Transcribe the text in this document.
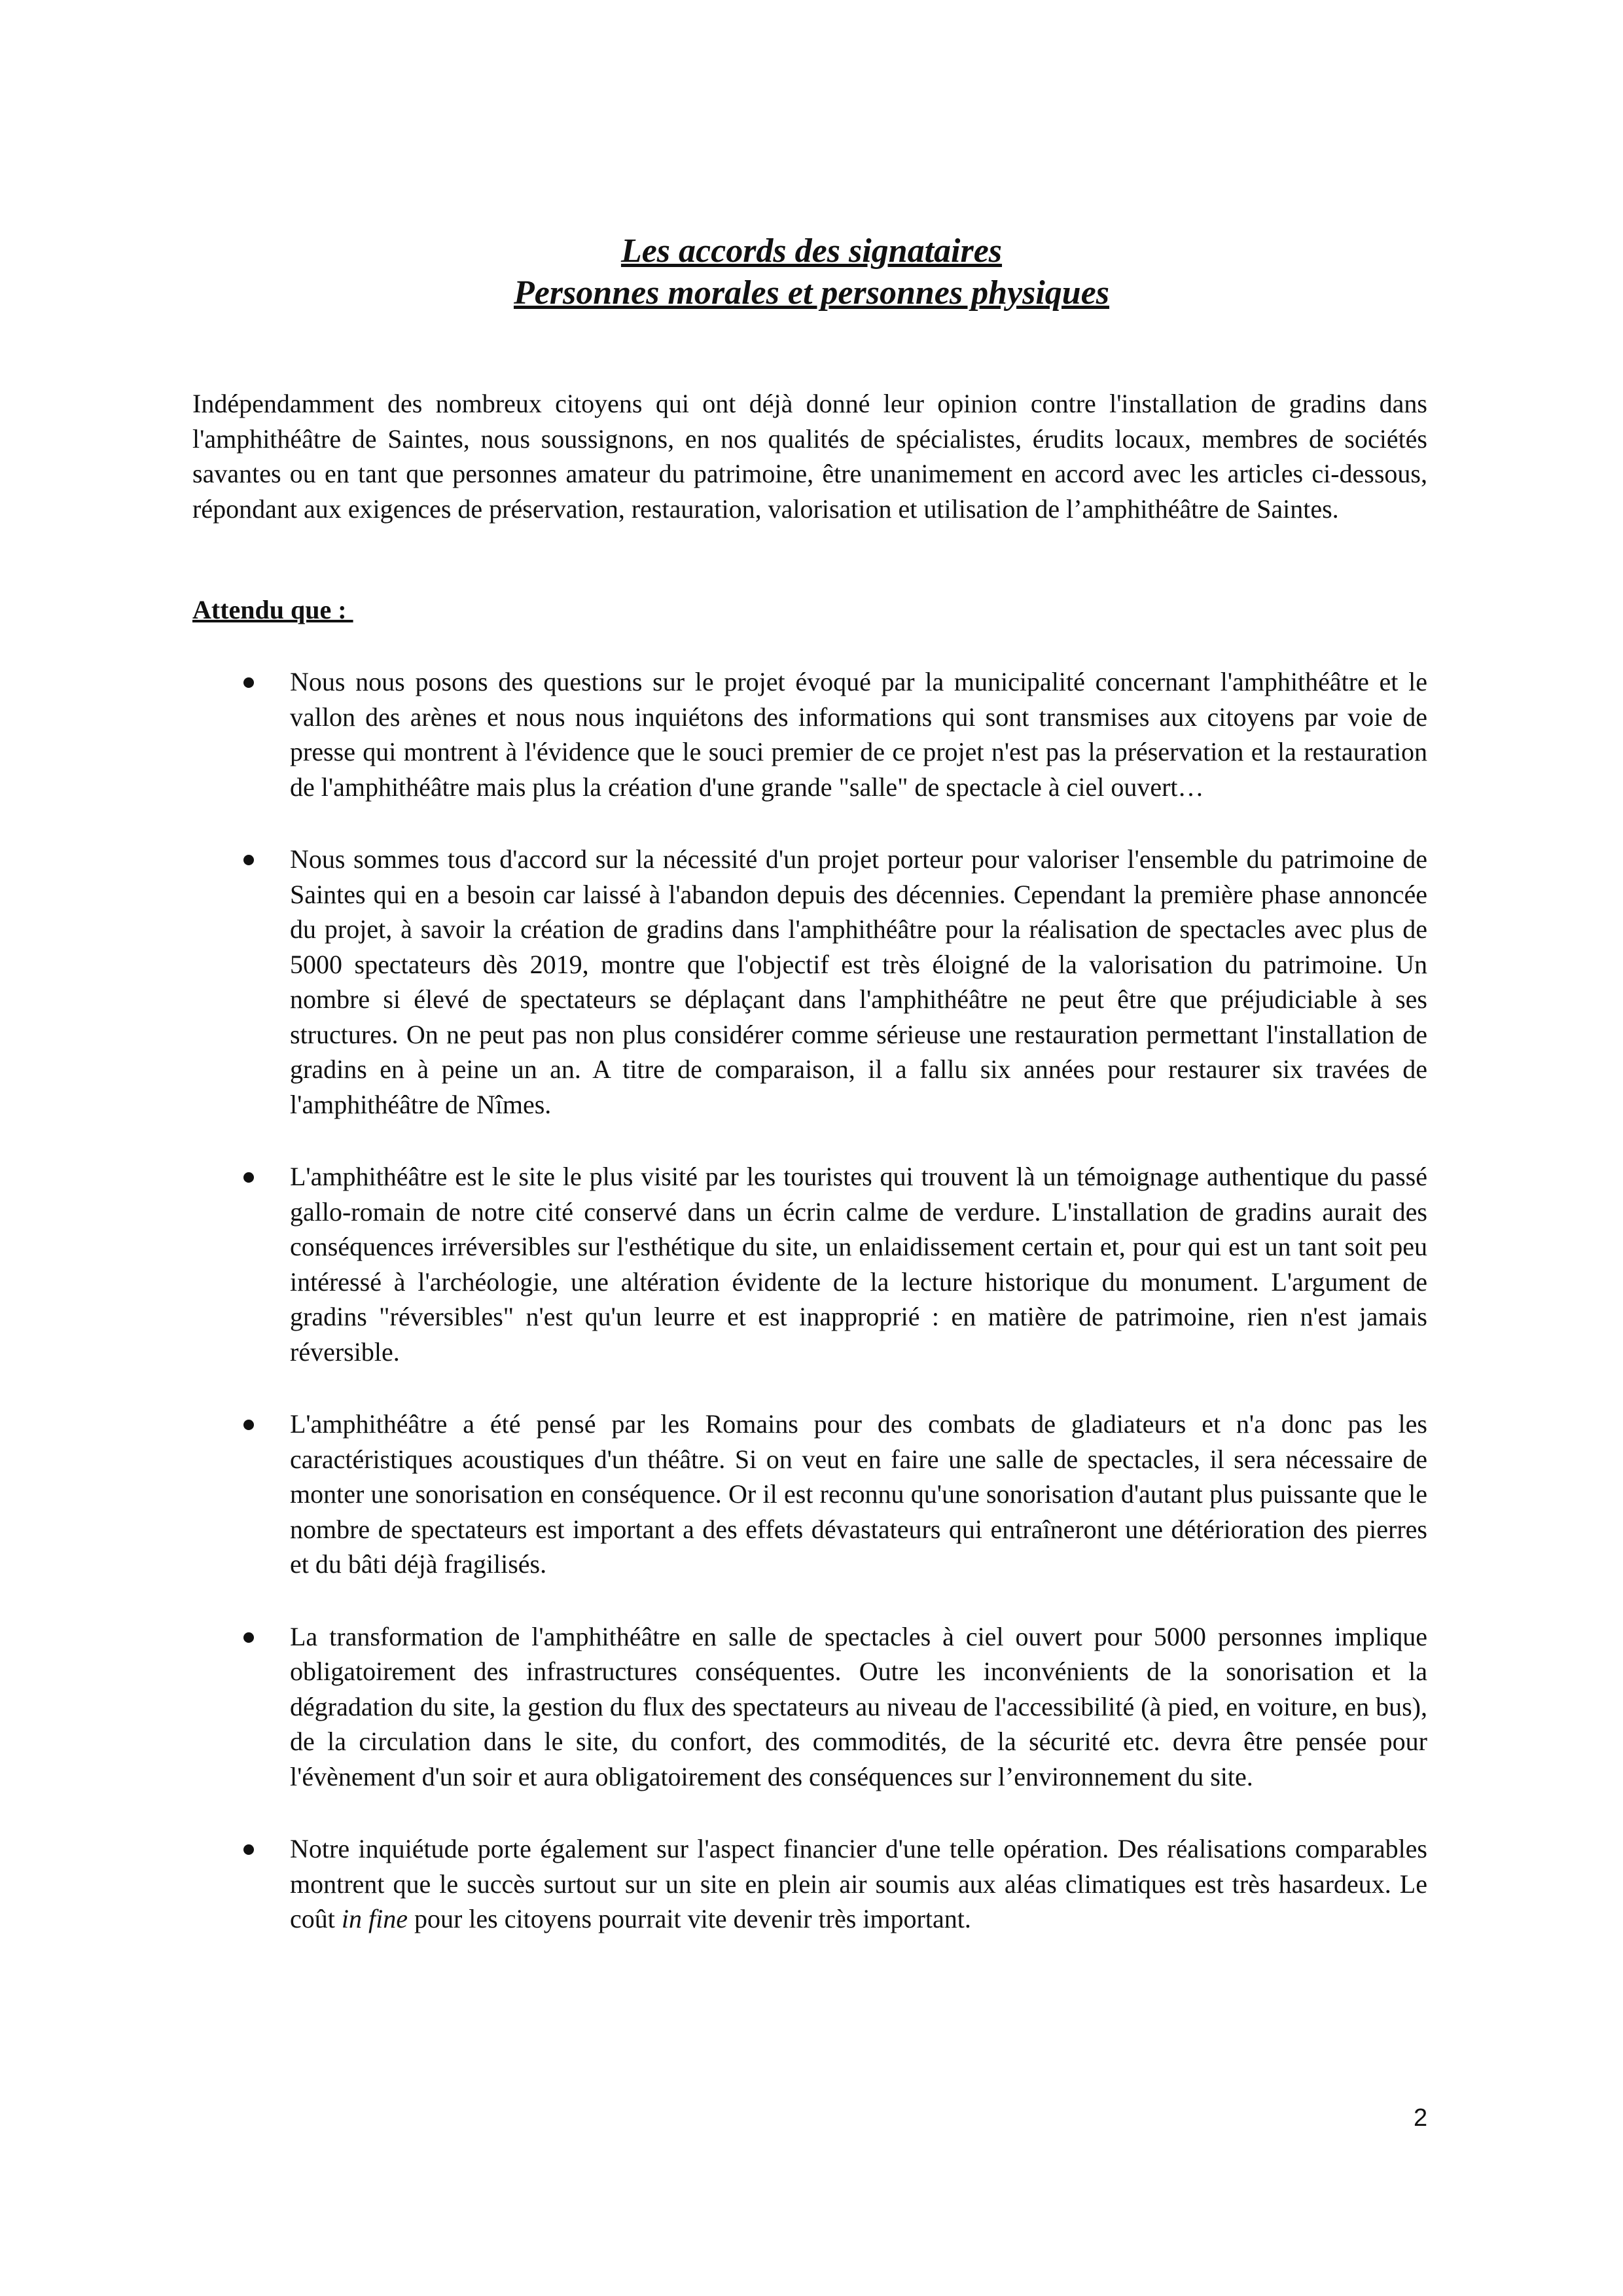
Les accords des signataires

Personnes morales et personnes physiques

Indépendamment des nombreux citoyens qui ont déjà donné leur opinion contre l'installation de gradins dans l'amphithéâtre de Saintes, nous soussignons, en nos qualités de spécialistes, érudits locaux, membres de sociétés savantes ou en tant que personnes amateur du patrimoine, être unanimement en accord avec les articles ci-dessous, répondant aux exigences de préservation, restauration, valorisation et utilisation de l’amphithéâtre de Saintes.

Attendu que :

Nous nous posons des questions sur le projet évoqué par la municipalité concernant l'amphithéâtre et le vallon des arènes et nous nous inquiétons des informations qui sont transmises aux citoyens par voie de presse qui montrent à l'évidence que le souci premier de ce projet n'est pas la préservation et la restauration de l'amphithéâtre mais plus la création d'une grande "salle" de spectacle à ciel ouvert…
Nous sommes tous d'accord sur la nécessité d'un projet porteur pour valoriser l'ensemble du patrimoine de Saintes qui en a besoin car laissé à l'abandon depuis des décennies. Cependant la première phase annoncée du projet, à savoir la création de gradins dans l'amphithéâtre pour la réalisation de spectacles avec plus de 5000 spectateurs dès 2019, montre que l'objectif est très éloigné de la valorisation du patrimoine. Un nombre si élevé de spectateurs se déplaçant dans l'amphithéâtre ne peut être que préjudiciable à ses structures. On ne peut pas non plus considérer comme sérieuse une restauration permettant l'installation de gradins en à peine un an. A titre de comparaison, il a fallu six années pour restaurer six travées de l'amphithéâtre de Nîmes.
L'amphithéâtre est le site le plus visité par les touristes qui trouvent là un témoignage authentique du passé gallo-romain de notre cité conservé dans un écrin calme de verdure. L'installation de gradins aurait des conséquences irréversibles sur l'esthétique du site, un enlaidissement certain et, pour qui est un tant soit peu intéressé à l'archéologie, une altération évidente de la lecture historique du monument. L'argument de gradins "réversibles" n'est qu'un leurre et est inapproprié : en matière de patrimoine, rien n'est jamais réversible.
L'amphithéâtre a été pensé par les Romains pour des combats de gladiateurs et n'a donc pas les caractéristiques acoustiques d'un théâtre. Si on veut en faire une salle de spectacles, il sera nécessaire de monter une sonorisation en conséquence. Or il est reconnu qu'une sonorisation d'autant plus puissante que le nombre de spectateurs est important a des effets dévastateurs qui entraîneront une détérioration des pierres et du bâti déjà fragilisés.
La transformation de l'amphithéâtre en salle de spectacles à ciel ouvert pour 5000 personnes implique obligatoirement des infrastructures conséquentes. Outre les inconvénients de la sonorisation et la dégradation du site, la gestion du flux des spectateurs au niveau de l'accessibilité (à pied, en voiture, en bus), de la circulation dans le site, du confort, des commodités, de la sécurité etc. devra être pensée pour l'évènement d'un soir et aura obligatoirement des conséquences sur l’environnement du site.
Notre inquiétude porte également sur l'aspect financier d'une telle opération. Des réalisations comparables montrent que le succès surtout sur un site en plein air soumis aux aléas climatiques est très hasardeux. Le coût in fine pour les citoyens pourrait vite devenir très important.

2
